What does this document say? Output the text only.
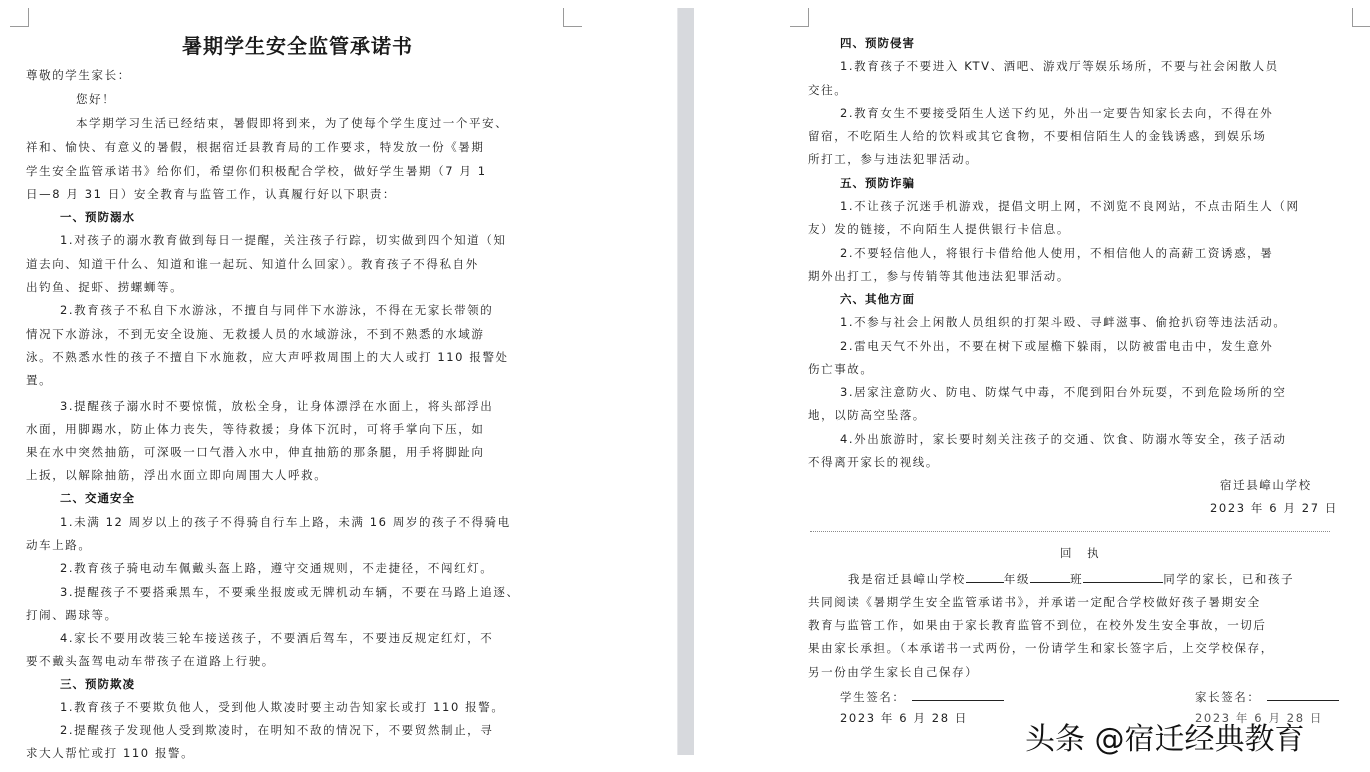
暑期学生安全监管承诺书
尊敬的学生家长：
您好！
本学期学习生活已经结束，暑假即将到来，为了使每个学生度过一个平安、
祥和、愉快、有意义的暑假，根据宿迁县教育局的工作要求，特发放一份《暑期
学生安全监管承诺书》给你们，希望你们积极配合学校，做好学生暑期（7 月 1
日—8 月 31 日）安全教育与监管工作，认真履行好以下职责：
一、预防溺水
1.对孩子的溺水教育做到每日一提醒，关注孩子行踪，切实做到四个知道（知
道去向、知道干什么、知道和谁一起玩、知道什么回家）。教育孩子不得私自外
出钓鱼、捉虾、捞螺蛳等。
2.教育孩子不私自下水游泳，不擅自与同伴下水游泳，不得在无家长带领的
情况下水游泳，不到无安全设施、无救援人员的水域游泳，不到不熟悉的水域游
泳。不熟悉水性的孩子不擅自下水施救，应大声呼救周围上的大人或打 110 报警处
置。
3.提醒孩子溺水时不要惊慌，放松全身，让身体漂浮在水面上，将头部浮出
水面，用脚踢水，防止体力丧失，等待救援；身体下沉时，可将手掌向下压，如
果在水中突然抽筋，可深吸一口气潜入水中，伸直抽筋的那条腿，用手将脚趾向
上扳，以解除抽筋，浮出水面立即向周围大人呼救。
二、交通安全
1.未满 12 周岁以上的孩子不得骑自行车上路，未满 16 周岁的孩子不得骑电
动车上路。
2.教育孩子骑电动车佩戴头盔上路，遵守交通规则，不走捷径，不闯红灯。
3.提醒孩子不要搭乘黑车，不要乘坐报废或无牌机动车辆，不要在马路上追逐、
打闹、踢球等。
4.家长不要用改装三轮车接送孩子，不要酒后驾车，不要违反规定红灯，不
要不戴头盔驾电动车带孩子在道路上行驶。
三、预防欺凌
1.教育孩子不要欺负他人，受到他人欺凌时要主动告知家长或打 110 报警。
2.提醒孩子发现他人受到欺凌时，在明知不敌的情况下，不要贸然制止，寻
求大人帮忙或打 110 报警。
四、预防侵害
1.教育孩子不要进入 KTV、酒吧、游戏厅等娱乐场所，不要与社会闲散人员
交往。
2.教育女生不要接受陌生人送下约见，外出一定要告知家长去向，不得在外
留宿，不吃陌生人给的饮料或其它食物，不要相信陌生人的金钱诱惑，到娱乐场
所打工，参与违法犯罪活动。
五、预防诈骗
1.不让孩子沉迷手机游戏，提倡文明上网，不浏览不良网站，不点击陌生人（网
友）发的链接，不向陌生人提供银行卡信息。
2.不要轻信他人，将银行卡借给他人使用，不相信他人的高薪工资诱惑，暑
期外出打工，参与传销等其他违法犯罪活动。
六、其他方面
1.不参与社会上闲散人员组织的打架斗殴、寻衅滋事、偷抢扒窃等违法活动。
2.雷电天气不外出，不要在树下或屋檐下躲雨，以防被雷电击中，发生意外
伤亡事故。
3.居家注意防火、防电、防煤气中毒，不爬到阳台外玩耍，不到危险场所的空
地，以防高空坠落。
4.外出旅游时，家长要时刻关注孩子的交通、饮食、防溺水等安全，孩子活动
不得离开家长的视线。
宿迁县嶂山学校
2023 年 6 月 27 日
回 执
我是宿迁县嶂山学校	年级	班	同学的家长，已和孩子
共同阅读《暑期学生安全监管承诺书》，并承诺一定配合学校做好孩子暑期安全
教育与监管工作，如果由于家长教育监管不到位，在校外发生安全事故，一切后
果由家长承担。（本承诺书一式两份，一份请学生和家长签字后，上交学校保存，
另一份由学生家长自己保存）
学生签名：	家长签名：
2023 年 6 月 28 日	2023 年 6 月 28 日
头条 @宿迁经典教育
